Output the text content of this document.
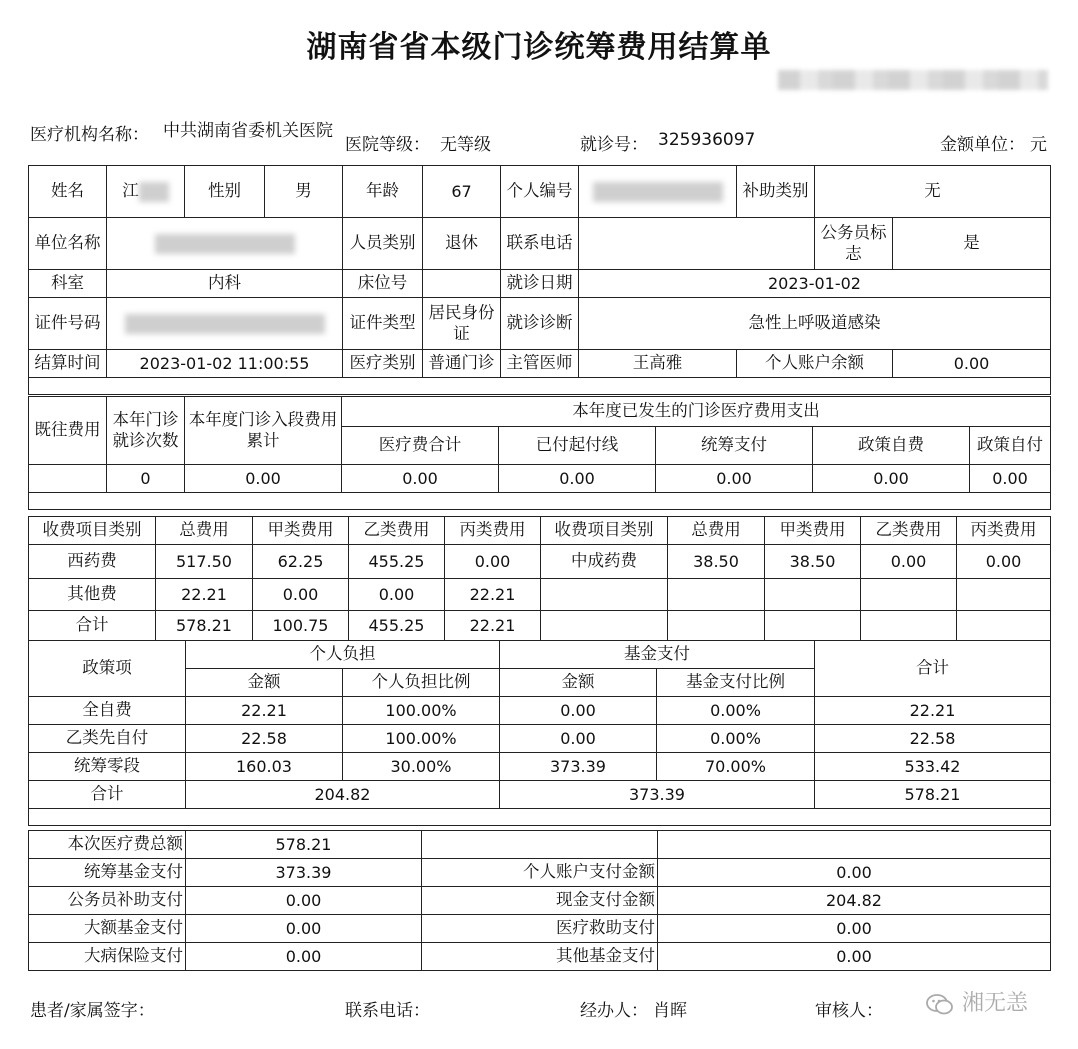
湖南省省本级门诊统筹费用结算单
医疗机构名称： 中共湖南省委机关医院
医院等级： 无等级	就诊号： 325936097	金额单位： 元
姓名	江	性别	男	年龄	67	个人编号		补助类别	无	
单位名称				人员类别	退休	联系电话			公务员标志	是
科室	内科			床位号		就诊日期	2023-01-02			
证件号码				证件类型	居民身份证	就诊诊断	急性上呼吸道感染			
结算时间	2023-01-02 11:00:55			医疗类别	普通门诊	主管医师	王高雅	个人账户余额		0.00

既往费用	本年门诊就诊次数	本年度门诊入段费用累计	本年度已发生的门诊医疗费用支出				
			医疗费合计	已付起付线	统筹支付	政策自费	政策自付
	0	0.00	0.00	0.00	0.00	0.00	0.00

收费项目类别	总费用	甲类费用	乙类费用	丙类费用	收费项目类别	总费用	甲类费用	乙类费用	丙类费用
西药费	517.50	62.25	455.25	0.00	中成药费	38.50	38.50	0.00	0.00
其他费	22.21	0.00	0.00	22.21					
合计	578.21	100.75	455.25	22.21					
政策项	个人负担		基金支付		合计
	金额	个人负担比例	金额	基金支付比例	
全自费	22.21	100.00%	0.00	0.00%	22.21
乙类先自付	22.58	100.00%	0.00	0.00%	22.58
统筹零段	160.03	30.00%	373.39	70.00%	533.42
合计	204.82		373.39		578.21

本次医疗费总额	578.21		
统筹基金支付	373.39	个人账户支付金额	0.00
公务员补助支付	0.00	现金支付金额	204.82
大额基金支付	0.00	医疗救助支付	0.00
大病保险支付	0.00	其他基金支付	0.00
患者/家属签字：	联系电话：	经办人： 肖晖	审核人：	湘无恙
